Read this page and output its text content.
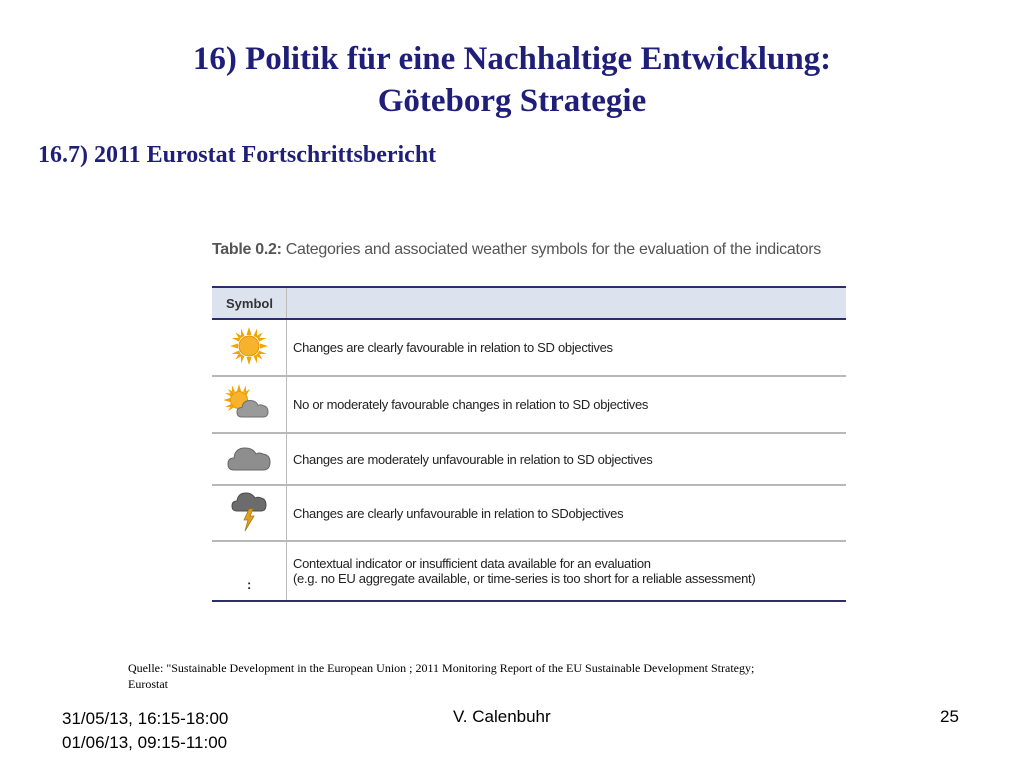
16) Politik für eine Nachhaltige Entwicklung:
Göteborg Strategie
16.7) 2011 Eurostat Fortschrittsbericht
Table 0.2: Categories and associated weather symbols for the evaluation of the indicators
Symbol	
	Changes are clearly favourable in relation to SD objectives
	No or moderately favourable changes in relation to SD objectives
	Changes are moderately unfavourable in relation to SD objectives
	Changes are clearly unfavourable in relation to SDobjectives
:	Contextual indicator or insufficient data available for an evaluation
(e.g. no EU aggregate available, or time-series is too short for a reliable assessment)
Quelle: "Sustainable Development in the European Union ; 2011 Monitoring Report of the EU Sustainable Development Strategy; Eurostat
31/05/13, 16:15-18:00
01/06/13, 09:15-11:00
V. Calenbuhr	25
